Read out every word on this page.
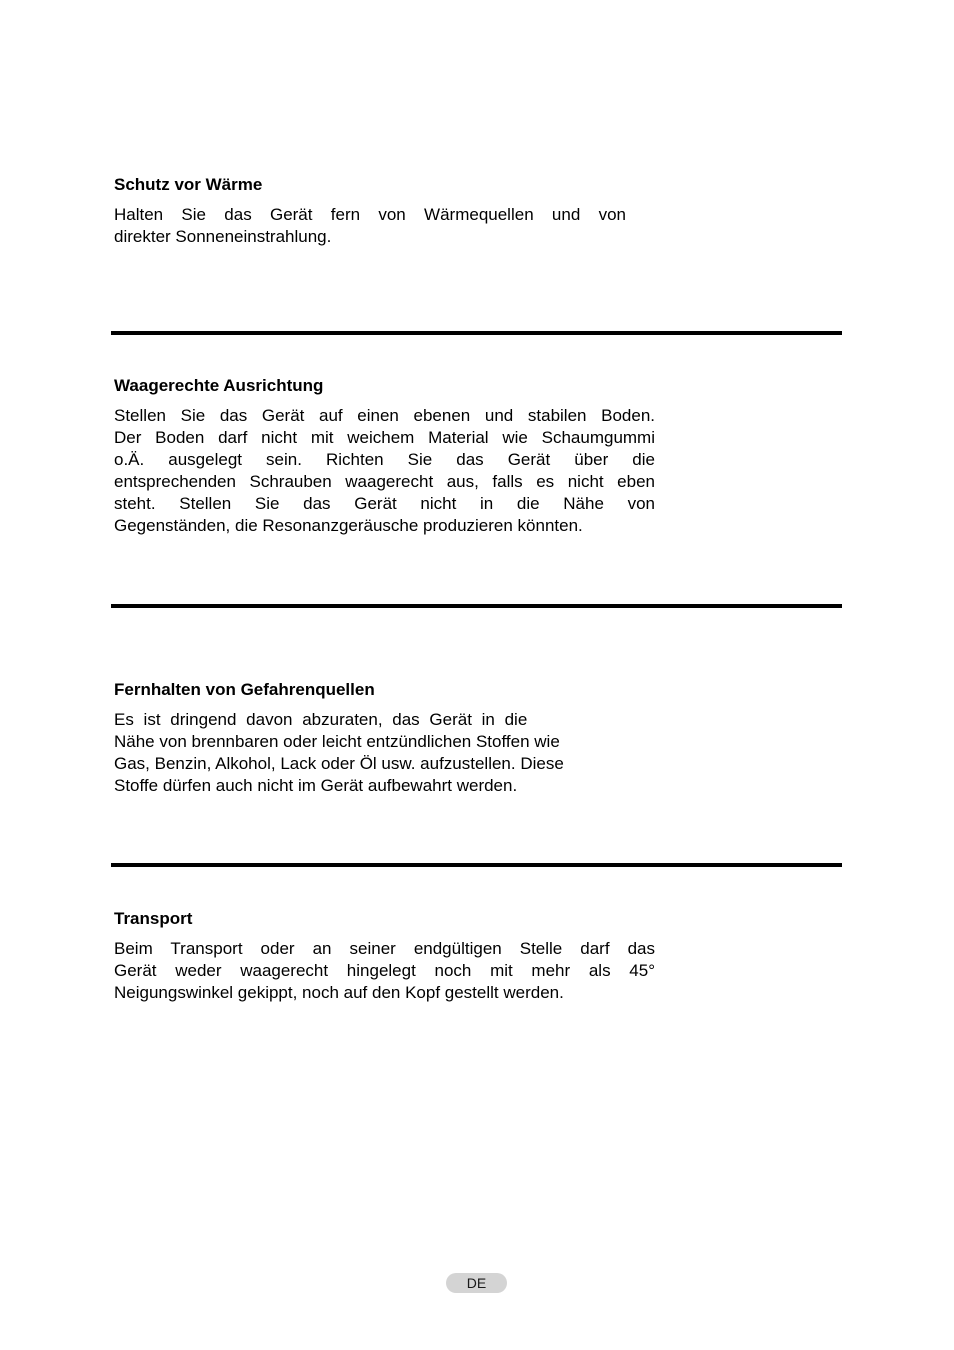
Schutz vor Wärme

Halten Sie das Gerät fern von Wärmequellen und von
direkter Sonneneinstrahlung.

Waagerechte Ausrichtung

Stellen Sie das Gerät auf einen ebenen und stabilen Boden.
Der Boden darf nicht mit weichem Material wie Schaumgummi
o.Ä. ausgelegt sein. Richten Sie das Gerät über die
entsprechenden Schrauben waagerecht aus, falls es nicht eben
steht. Stellen Sie das Gerät nicht in die Nähe von
Gegenständen, die Resonanzgeräusche produzieren könnten.

Fernhalten von Gefahrenquellen

Es ist dringend davon abzuraten, das Gerät in die
Nähe von brennbaren oder leicht entzündlichen Stoffen wie
Gas, Benzin, Alkohol, Lack oder Öl usw. aufzustellen. Diese
Stoffe dürfen auch nicht im Gerät aufbewahrt werden.

Transport

Beim Transport oder an seiner endgültigen Stelle darf das
Gerät weder waagerecht hingelegt noch mit mehr als 45°
Neigungswinkel gekippt, noch auf den Kopf gestellt werden.

DE
